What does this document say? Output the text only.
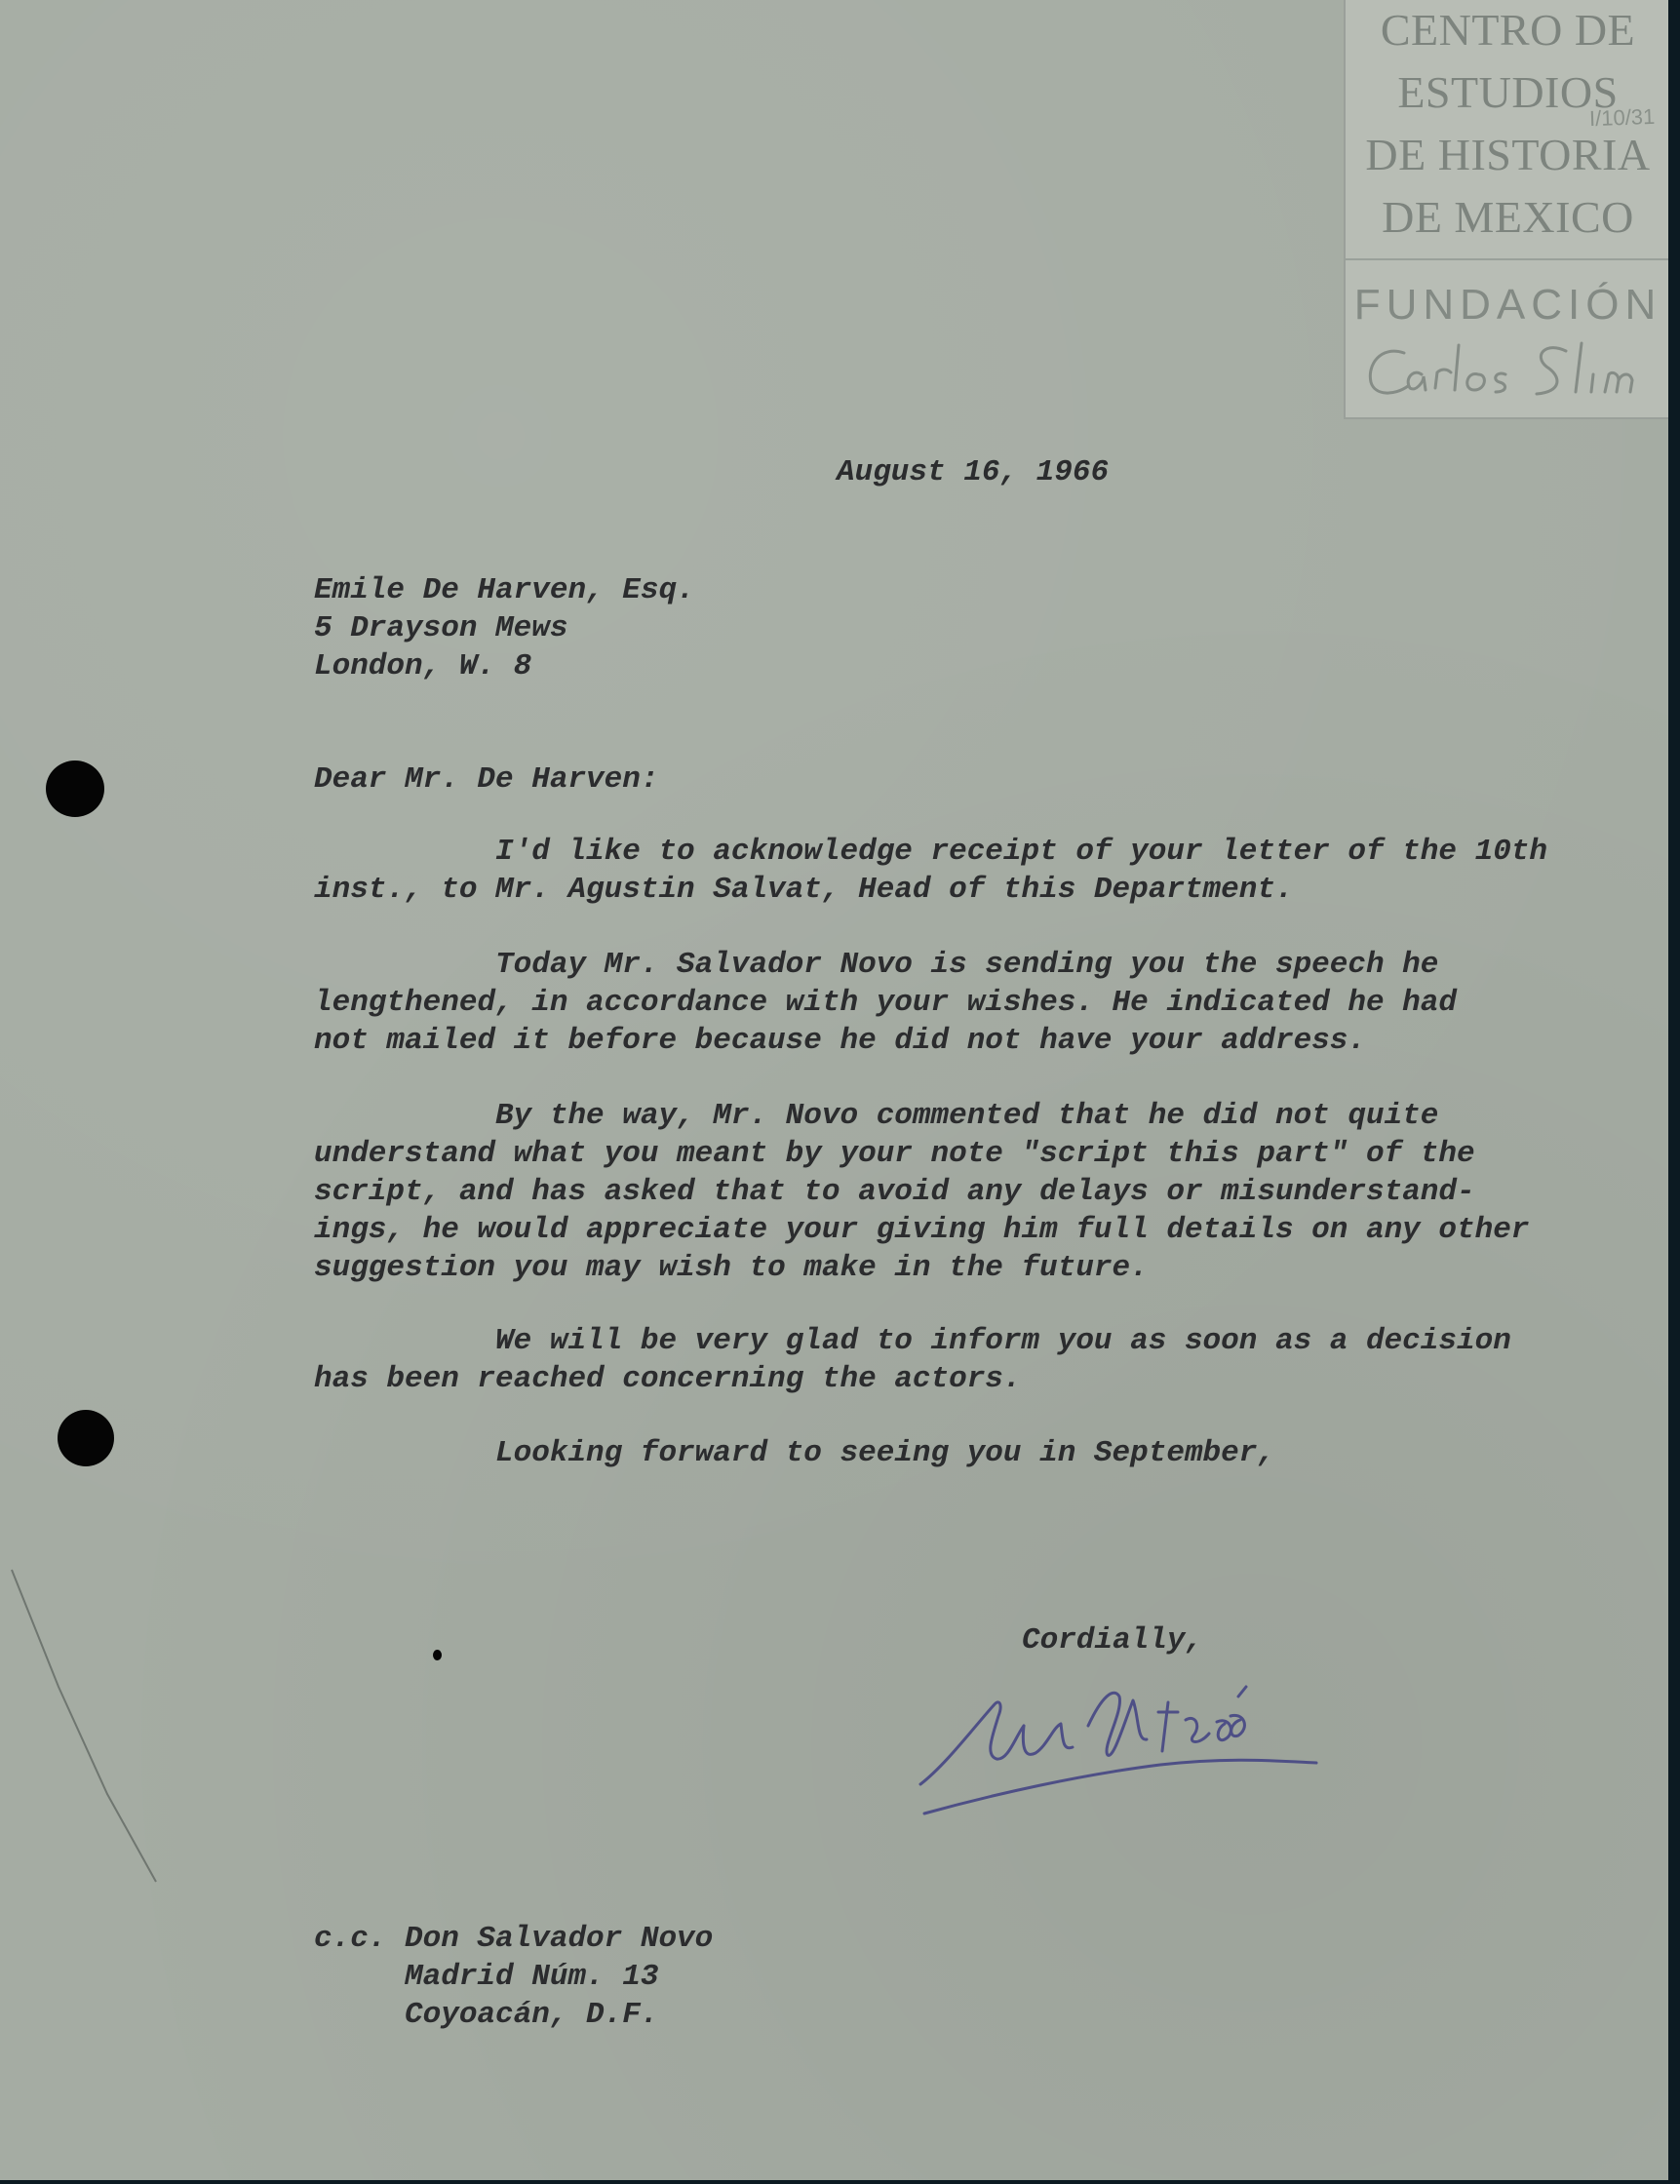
CENTRO DE
ESTUDIOS
DE HISTORIA
DE MEXICO
FUNDACIÓN
I/10/31

August 16, 1966

Emile De Harven, Esq.

5 Drayson Mews

London, W. 8

Dear Mr. De Harven:

I'd like to acknowledge receipt of your letter of the 10th

inst., to Mr. Agustin Salvat, Head of this Department.

Today Mr. Salvador Novo is sending you the speech he

lengthened, in accordance with your wishes. He indicated he had

not mailed it before because he did not have your address.

By the way, Mr. Novo commented that he did not quite

understand what you meant by your note "script this part" of the

script, and has asked that to avoid any delays or misunderstand-

ings, he would appreciate your giving him full details on any other

suggestion you may wish to make in the future.

We will be very glad to inform you as soon as a decision

has been reached concerning the actors.

Looking forward to seeing you in September,

Cordially,

c.c. Don Salvador Novo

Madrid Núm. 13

Coyoacán, D.F.
